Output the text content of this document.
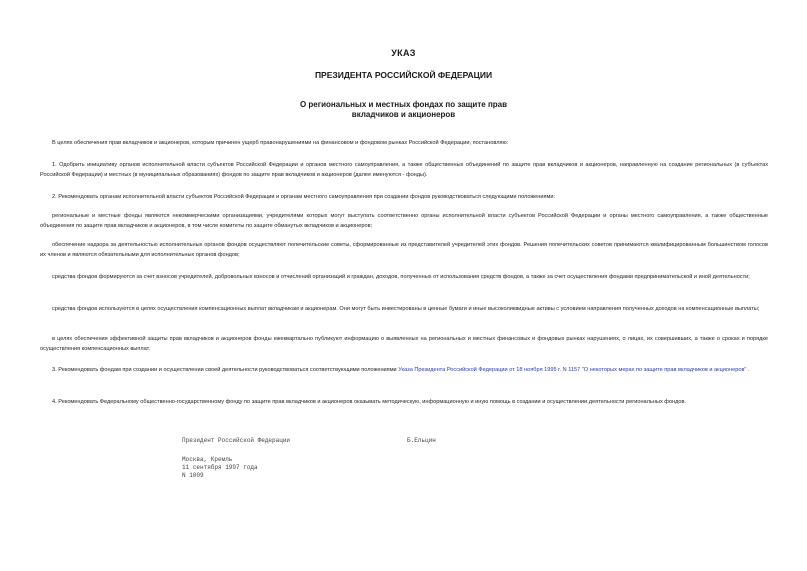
УКАЗ
ПРЕЗИДЕНТА РОССИЙСКОЙ ФЕДЕРАЦИИ
О региональных и местных фондах по защите прав
вкладчиков и акционеров

В целях обеспечения прав вкладчиков и акционеров, которым причинен ущерб правонарушениями на финансовом и фондовом рынках Российской Федерации, постановляю:

1. Одобрить инициативу органов исполнительной власти субъектов Российской Федерации и органов местного самоуправления, а также общественных объединений по защите прав вкладчиков и акционеров, направленную на создание региональных (в субъектах Российской Федерации) и местных (в муниципальных образованиях) фондов по защите прав вкладчиков и акционеров (далее именуются - фонды).

2. Рекомендовать органам исполнительной власти субъектов Российской Федерации и органам местного самоуправления при создании фондов руководствоваться следующими положениями:

региональные и местные фонды являются некоммерческими организациями, учредителями которых могут выступать соответственно органы исполнительной власти субъектов Российской Федерации и органы местного самоуправления, а также общественные объединения по защите прав вкладчиков и акционеров, в том числе комитеты по защите обманутых вкладчиков и акционеров;

обеспечение надзора за деятельностью исполнительных органов фондов осуществляют попечительские советы, сформированные из представителей учредителей этих фондов. Решения попечительских советов принимаются квалифицированным большинством голосов их членов и являются обязательными для исполнительных органов фондов;

средства фондов формируются за счет взносов учредителей, добровольных взносов и отчислений организаций и граждан, доходов, полученных от использования средств фондов, а также за счет осуществления фондами предпринимательской и иной деятельности;

средства фондов используются в целях осуществления компенсационных выплат вкладчикам и акционерам. Они могут быть инвестированы в ценные бумаги и иные высоколиквидные активы с условием направления полученных доходов на компенсационные выплаты;

в целях обеспечения эффективной защиты прав вкладчиков и акционеров фонды ежеквартально публикуют информацию о выявленных на региональных и местных финансовых и фондовых рынках нарушениях, о лицах, их совершивших, а также о сроках и порядке осуществления компенсационных выплат.

3. Рекомендовать фондам при создании и осуществлении своей деятельности руководствоваться соответствующими положениями Указа Президента Российской Федерации от 18 ноября 1995 г. N 1157 "О некоторых мерах по защите прав вкладчиков и акционеров" .

4. Рекомендовать Федеральному общественно-государственному фонду по защите прав вкладчиков и акционеров оказывать методическую, информационную и иную помощь в создании и осуществлении деятельности региональных фондов.

Президент Российской Федерации	Б.Ельцин
Москва, Кремль
11 сентября 1997 года
N 1009
